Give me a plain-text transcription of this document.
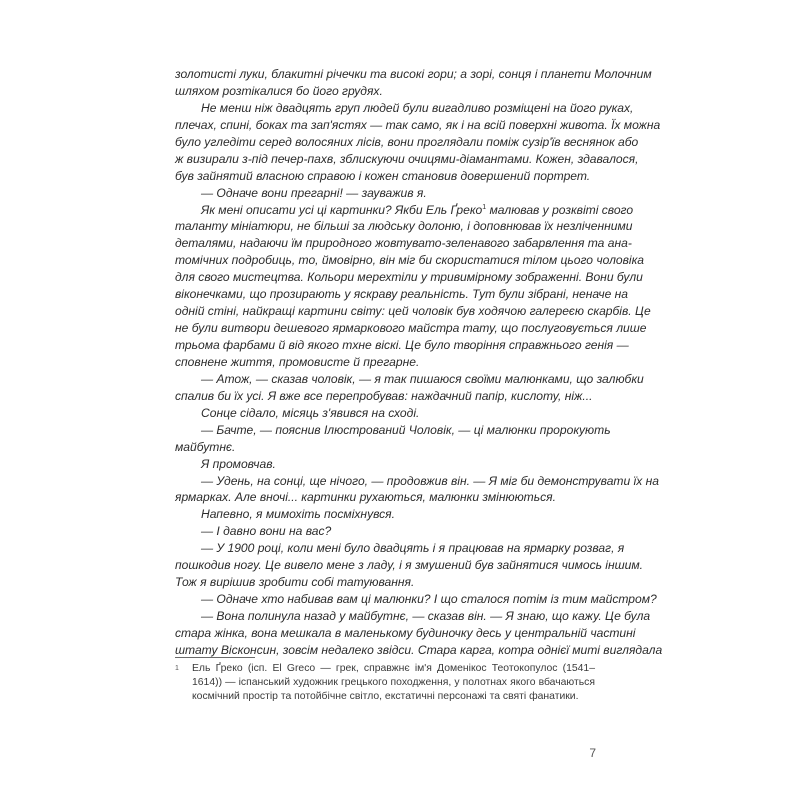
золотисті луки, блакитні річечки та високі гори; а зорі, сонця і планети Молочним
шляхом розтікалися бо його грудях.
Не менш ніж двадцять груп людей були вигадливо розміщені на його руках,
плечах, спині, боках та зап'ястях — так само, як і на всій поверхні живота. Їх можна
було угледіти серед волосяних лісів, вони проглядали поміж сузір'їв веснянок або
ж визирали з-під печер-пахв, зблискуючи очицями-діамантами. Кожен, здавалося,
був зайнятий власною справою і кожен становив довершений портрет.
— Одначе вони прегарні! — зауважив я.
Як мені описати усі ці картинки? Якби Ель Ґреко$^1$ малював у розквіті свого
таланту мініатюри, не більші за людську долоню, і доповнював їх незліченними
деталями, надаючи їм природного жовтувато-зеленавого забарвлення та ана-
томічних подробиць, то, ймовірно, він міг би скористатися тілом цього чоловіка
для свого мистецтва. Кольори мерехтіли у тривимірному зображенні. Вони були
віконечками, що прозирають у яскраву реальність. Тут були зібрані, неначе на
одній стіні, найкращі картини світу: цей чоловік був ходячою галереєю скарбів. Це
не були витвори дешевого ярмаркового майстра тату, що послуговується лише
трьома фарбами й від якого тхне віскі. Це було творіння справжнього генія —
сповнене життя, промовисте й прегарне.
— Атож, — сказав чоловік, — я так пишаюся своїми малюнками, що залюбки
спалив би їх усі. Я вже все перепробував: наждачний папір, кислоту, ніж...
Сонце сідало, місяць з'явився на сході.
— Бачте, — пояснив Ілюстрований Чоловік, — ці малюнки пророкують
майбутнє.
Я промовчав.
— Удень, на сонці, ще нічого, — продовжив він. — Я міг би демонструвати їх на
ярмарках. Але вночі... картинки рухаються, малюнки змінюються.
Напевно, я мимохіть посміхнувся.
— І давно вони на вас?
— У 1900 році, коли мені було двадцять і я працював на ярмарку розваг, я
пошкодив ногу. Це вивело мене з ладу, і я змушений був зайнятися чимось іншим.
Тож я вирішив зробити собі татуювання.
— Одначе хто набивав вам ці малюнки? І що сталося потім із тим майстром?
— Вона полинула назад у майбутнє, — сказав він. — Я знаю, що кажу. Це була
стара жінка, вона мешкала в маленькому будиночку десь у центральній частині
штату Вісконсин, зовсім недалеко звідси. Стара карга, котра однієї миті виглядала
1 Ель Ґреко (ісп. El Greco — грек, справжнє ім'я Доменікос Теотокопулос (1541–
1614)) — іспанський художник грецького походження, у полотнах якого вбачаються
космічний простір та потойбічне світло, екстатичні персонажі та святі фанатики.
7
